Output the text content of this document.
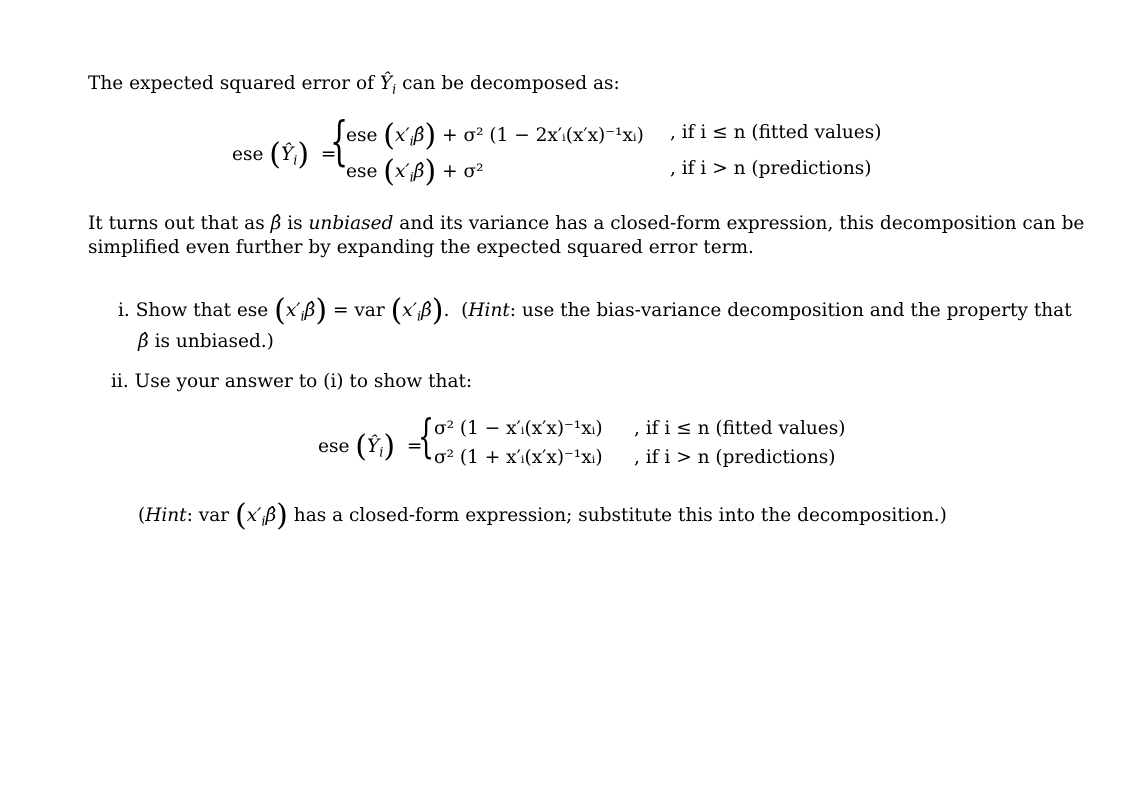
The expected squared error of $Ŷ_i$ can be decomposed as:
ese $(Ŷ_i)$  =
{
ese $(x'_i\betâ) + \sigma^2$ (1 − 2x′ᵢ(x′x)⁻¹xᵢ) , if i ≤ n (fitted values)
ese $(x'_i\betâ) + \sigma^2$	, if i > n (predictions)
It turns out that as β̂ is unbiased and its variance has a closed-form expression, this decomposition can be
simplified even further by expanding the expected squared error term.
i. Show that ese $(x'_i\betâ)$ = var $(x'_i\betâ)$.  (Hint: use the bias-variance decomposition and the property that
β̂ is unbiased.)
ii. Use your answer to (i) to show that:
ese $(Ŷ_i)$  =
{ σ² (1 − x′ᵢ(x′x)⁻¹xᵢ) , if i ≤ n (fitted values)
σ² (1 + x′ᵢ(x′x)⁻¹xᵢ) , if i > n (predictions)
(Hint: var $(x'_i\betâ)$ has a closed-form expression; substitute this into the decomposition.)
